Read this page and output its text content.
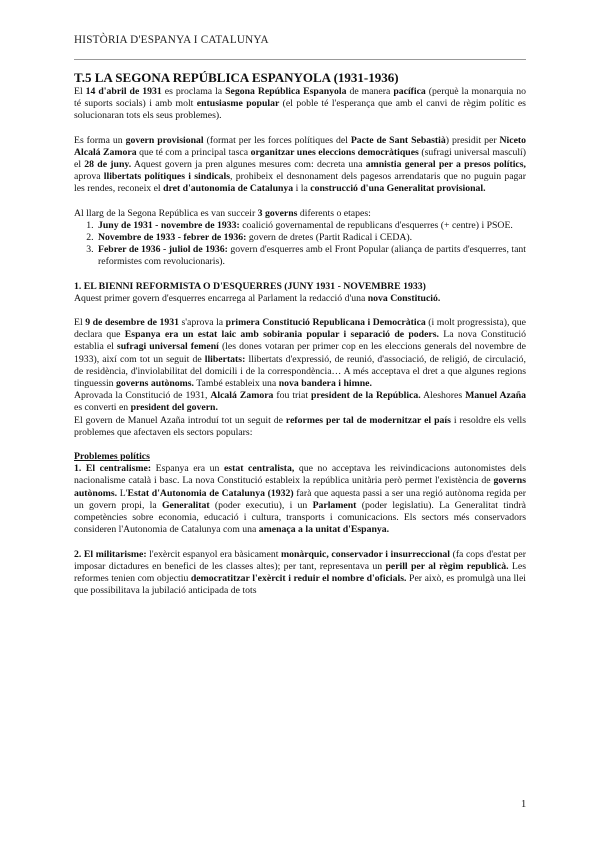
HISTÒRIA D'ESPANYA I CATALUNYA

T.5 LA SEGONA REPÚBLICA ESPANYOLA (1931-1936)

El 14 d'abril de 1931 es proclama la Segona República Espanyola de manera pacífica (perquè la monarquia no té suports socials) i amb molt entusiasme popular (el poble té l'esperança que amb el canvi de règim polític es solucionaran tots els seus problemes).

Es forma un govern provisional (format per les forces polítiques del Pacte de Sant Sebastià) presidit per Niceto Alcalá Zamora que té com a principal tasca organitzar unes eleccions democràtiques (sufragi universal masculí) el 28 de juny. Aquest govern ja pren algunes mesures com: decreta una amnistia general per a presos polítics, aprova llibertats polítiques i sindicals, prohibeix el desnonament dels pagesos arrendataris que no puguin pagar les rendes, reconeix el dret d'autonomia de Catalunya i la construcció d'una Generalitat provisional.

Al llarg de la Segona República es van succeir 3 governs diferents o etapes:

1. Juny de 1931 - novembre de 1933: coalició governamental de republicans d'esquerres (+ centre) i PSOE.
2. Novembre de 1933 - febrer de 1936: govern de dretes (Partit Radical i CEDA).
3. Febrer de 1936 - juliol de 1936: govern d'esquerres amb el Front Popular (aliança de partits d'esquerres, tant reformistes com revolucionaris).

1. EL BIENNI REFORMISTA O D'ESQUERRES (JUNY 1931 - NOVEMBRE 1933)

Aquest primer govern d'esquerres encarrega al Parlament la redacció d'una nova Constitució.

El 9 de desembre de 1931 s'aprova la primera Constitució Republicana i Democràtica (i molt progressista), que declara que Espanya era un estat laic amb sobirania popular i separació de poders. La nova Constitució establia el sufragi universal femení (les dones votaran per primer cop en les eleccions generals del novembre de 1933), així com tot un seguit de llibertats: llibertats d'expressió, de reunió, d'associació, de religió, de circulació, de residència, d'inviolabilitat del domicili i de la correspondència… A més acceptava el dret a que algunes regions tinguessin governs autònoms. També estableix una nova bandera i himne.

Aprovada la Constitució de 1931, Alcalá Zamora fou triat president de la República. Aleshores Manuel Azaña es converti en president del govern.

El govern de Manuel Azaña introduí tot un seguit de reformes per tal de modernitzar el país i resoldre els vells problemes que afectaven els sectors populars:

Problemes polítics

1. El centralisme: Espanya era un estat centralista, que no acceptava les reivindicacions autonomistes dels nacionalisme català i basc. La nova Constitució estableix la república unitària però permet l'existència de governs autònoms. L'Estat d'Autonomia de Catalunya (1932) farà que aquesta passi a ser una regió autònoma regida per un govern propi, la Generalitat (poder executiu), i un Parlament (poder legislatiu). La Generalitat tindrà competències sobre economia, educació i cultura, transports i comunicacions. Els sectors més conservadors consideren l'Autonomia de Catalunya com una amenaça a la unitat d'Espanya.

2. El militarisme: l'exèrcit espanyol era bàsicament monàrquic, conservador i insurreccional (fa cops d'estat per imposar dictadures en benefici de les classes altes); per tant, representava un perill per al règim republicà. Les reformes tenien com objectiu democratitzar l'exèrcit i reduir el nombre d'oficials. Per això, es promulgà una llei que possibilitava la jubilació anticipada de tots

1
